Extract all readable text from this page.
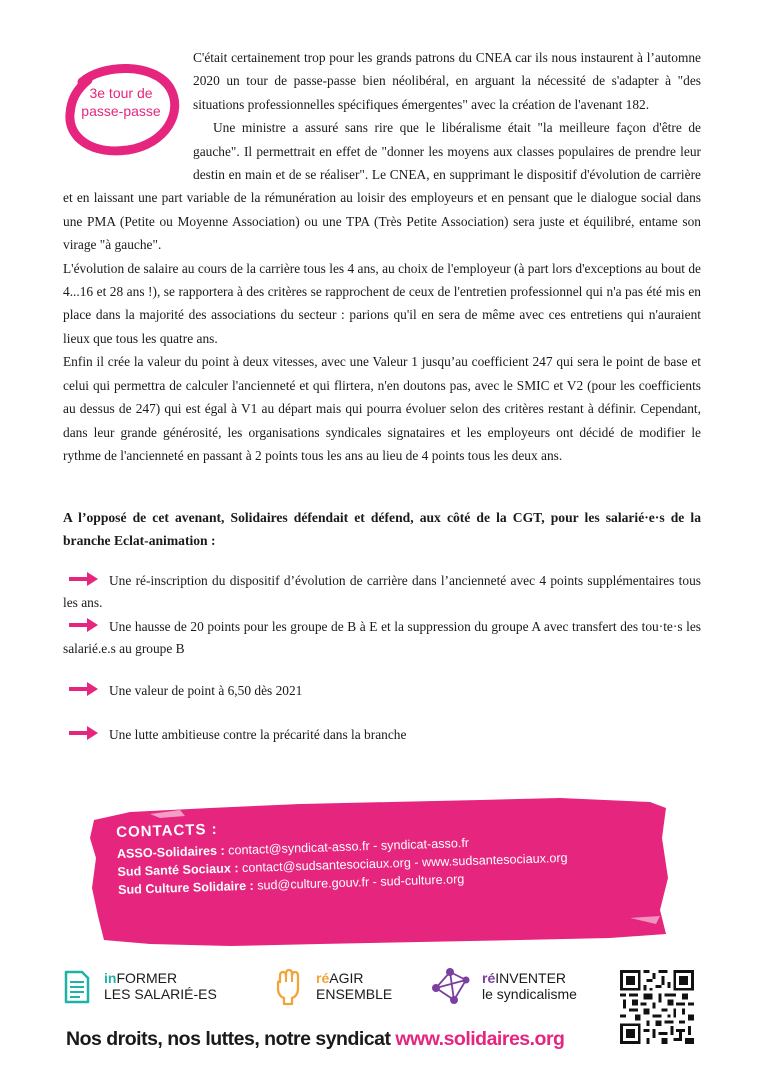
3e tour de
passe-passe

C'était certainement trop pour les grands patrons du CNEA car ils nous instaurent à l’automne 2020 un tour de passe-passe bien néolibéral, en arguant la nécessité de s'adapter à "des situations professionnelles spécifiques émergentes" avec la création de l'avenant 182.

Une ministre a assuré sans rire que le libéralisme était "la meilleure façon d'être de gauche". Il permettrait en effet de "donner les moyens aux classes populaires de prendre leur destin en main et de se réaliser". Le CNEA, en supprimant le dispositif d'évolution de carrière et en laissant une part variable de la rémunération au loisir des employeurs et en pensant que le dialogue social dans une PMA (Petite ou Moyenne Association) ou une TPA (Très Petite Association) sera juste et équilibré, entame son virage "à gauche".

L'évolution de salaire au cours de la carrière tous les 4 ans, au choix de l'employeur (à part lors d'exceptions au bout de 4...16 et 28 ans !), se rapportera à des critères se rapprochent de ceux de l'entretien professionnel qui n'a pas été mis en place dans la majorité des associations du secteur : parions qu'il en sera de même avec ces entretiens qui n'auraient lieux que tous les quatre ans.

Enfin il crée la valeur du point à deux vitesses, avec une Valeur 1 jusqu’au coefficient 247 qui sera le point de base et celui qui permettra de calculer l'ancienneté et qui flirtera, n'en doutons pas, avec le SMIC et V2 (pour les coefficients au dessus de 247) qui est égal à V1 au départ mais qui pourra évoluer selon des critères restant à définir. Cependant, dans leur grande générosité, les organisations syndicales signataires et les employeurs ont décidé de modifier le rythme de l'ancienneté en passant à 2 points tous les ans au lieu de 4 points tous les deux ans.

A l’opposé de cet avenant, Solidaires défendait et défend, aux côté de la CGT, pour les salarié·e·s de la branche Eclat-animation :
Une ré-inscription du dispositif d’évolution de carrière dans l’ancienneté avec 4 points supplémentaires tous les ans.
Une hausse de 20 points pour les groupe de B à E et la suppression du groupe A avec transfert des tou·te·s les salarié.e.s au groupe B
Une valeur de point à 6,50 dès 2021
Une lutte ambitieuse contre la précarité dans la branche

CONTACTS :

ASSO-Solidaires : contact@syndicat-asso.fr - syndicat-asso.fr

Sud Santé Sociaux : contact@sudsantesociaux.org - www.sudsantesociaux.org

Sud Culture Solidaire : sud@culture.gouv.fr - sud-culture.org

inFORMER
LES SALARIÉ-ES
réAGIR
ENSEMBLE
réINVENTER
le syndicalisme
Nos droits, nos luttes, notre syndicat www.solidaires.org
